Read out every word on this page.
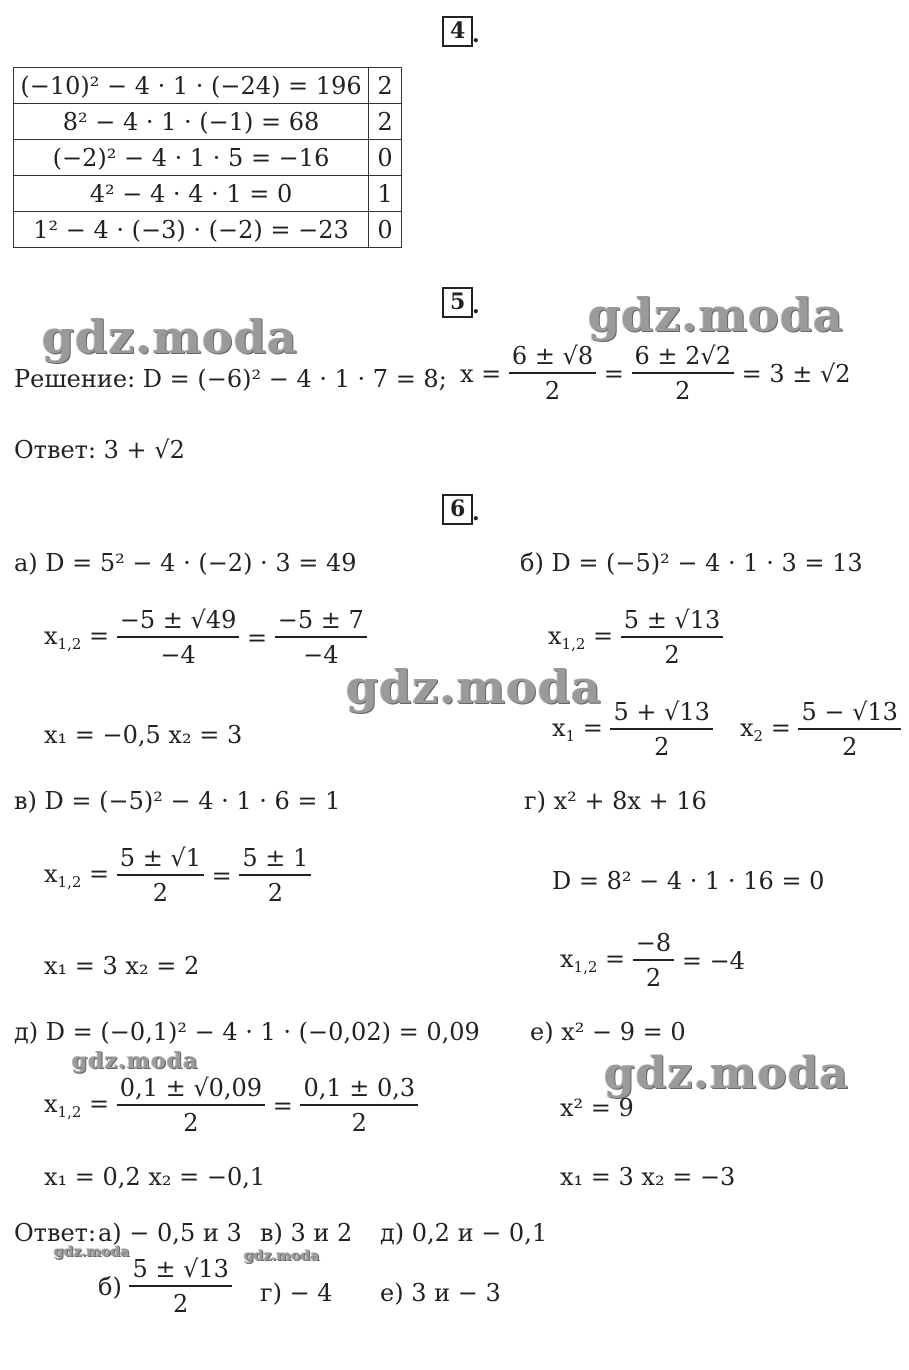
4 .
(−10)² − 4 · 1 · (−24) = 196	2
8² − 4 · 1 · (−1) = 68	2
(−2)² − 4 · 1 · 5 = −16	0
4² − 4 · 4 · 1 = 0	1
1² − 4 · (−3) · (−2) = −23	0
5 .
gdz.moda	gdz.moda
Решение: D = (−6)² − 4 · 1 · 7 = 8; $x = \frac{6 \pm √8}{2} = \frac{6 \pm 2√2}{2} = 3 \pm √2$
Ответ: 3 + √2
6 .
а) D = 5² − 4 · (−2) · 3 = 49
$x_{1,2} = \frac{-5 \pm √49}{-4} = \frac{-5 \pm 7}{-4}$
x₁ = −0,5 x₂ = 3
б) D = (−5)² − 4 · 1 · 3 = 13
$x_{1,2} = \frac{5 \pm √13}{2}$
$x_1 = \frac{5 + √13}{2} x_2 = \frac{5 - √13}{2}$
gdz.moda
в) D = (−5)² − 4 · 1 · 6 = 1
$x_{1,2} = \frac{5 \pm √1}{2} = \frac{5 \pm 1}{2}$
x₁ = 3 x₂ = 2
г) x² + 8x + 16
D = 8² − 4 · 1 · 16 = 0
$x_{1,2} = \frac{-8}{2} = -4$
д) D = (−0,1)² − 4 · 1 · (−0,02) = 0,09
gdz.moda
$x_{1,2} = \frac{0,1 \pm √0,09}{2} = \frac{0,1 \pm 0,3}{2}$
x₁ = 0,2 x₂ = −0,1
е) x² − 9 = 0
x² = 9
gdz.moda
x₁ = 3 x₂ = −3
Ответ: а) − 0,5 и 3 в) 3 и 2 д) 0,2 и − 0,1
gdz.moda	gdz.moda
$б) \frac{5 \pm √13}{2} г) - 4$ е) 3 и − 3
